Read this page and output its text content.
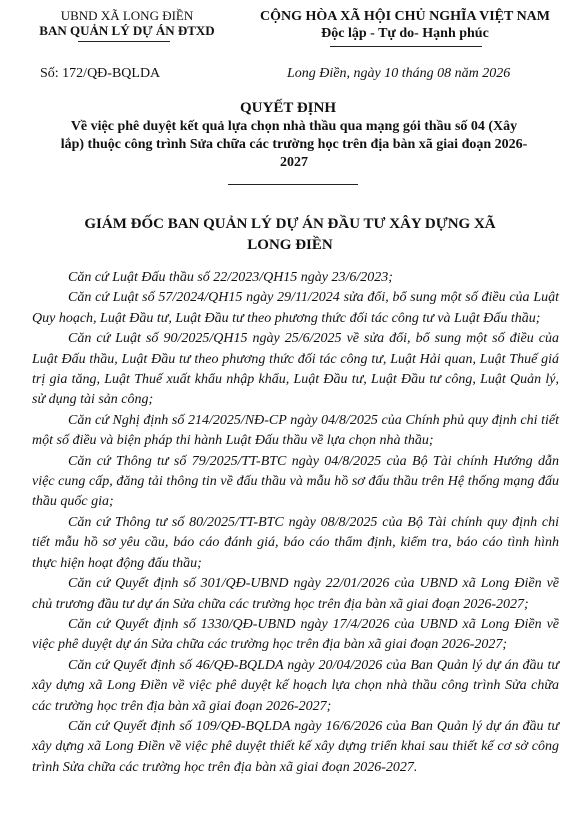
UBND XÃ LONG ĐIỀN
BAN QUẢN LÝ DỰ ÁN ĐTXD
CỘNG HÒA XÃ HỘI CHỦ NGHĨA VIỆT NAM
Độc lập - Tự do- Hạnh phúc
Số: 172/QĐ-BQLDA	Long Điền, ngày 10 tháng 08 năm 2026
QUYẾT ĐỊNH
Về việc phê duyệt kết quả lựa chọn nhà thầu qua mạng gói thầu số 04 (Xây lắp) thuộc công trình Sửa chữa các trường học trên địa bàn xã giai đoạn 2026-2027
GIÁM ĐỐC BAN QUẢN LÝ DỰ ÁN ĐẦU TƯ XÂY DỰNG XÃ LONG ĐIỀN

Căn cứ Luật Đấu thầu số 22/2023/QH15 ngày 23/6/2023;

Căn cứ Luật số 57/2024/QH15 ngày 29/11/2024 sửa đổi, bổ sung một số điều của Luật Quy hoạch, Luật Đầu tư, Luật Đầu tư theo phương thức đối tác công tư và Luật Đấu thầu;

Căn cứ Luật số 90/2025/QH15 ngày 25/6/2025 về sửa đổi, bổ sung một số điều của Luật Đấu thầu, Luật Đầu tư theo phương thức đối tác công tư, Luật Hải quan, Luật Thuế giá trị gia tăng, Luật Thuế xuất khẩu nhập khẩu, Luật Đầu tư, Luật Đầu tư công, Luật Quản lý, sử dụng tài sản công;

Căn cứ Nghị định số 214/2025/NĐ-CP ngày 04/8/2025 của Chính phủ quy định chi tiết một số điều và biện pháp thi hành Luật Đấu thầu về lựa chọn nhà thầu;

Căn cứ Thông tư số 79/2025/TT-BTC ngày 04/8/2025 của Bộ Tài chính Hướng dẫn việc cung cấp, đăng tải thông tin về đấu thầu và mẫu hồ sơ đấu thầu trên Hệ thống mạng đấu thầu quốc gia;

Căn cứ Thông tư số 80/2025/TT-BTC ngày 08/8/2025 của Bộ Tài chính quy định chi tiết mẫu hồ sơ yêu cầu, báo cáo đánh giá, báo cáo thẩm định, kiểm tra, báo cáo tình hình thực hiện hoạt động đấu thầu;

Căn cứ Quyết định số 301/QĐ-UBND ngày 22/01/2026 của UBND xã Long Điền về chủ trương đầu tư dự án Sửa chữa các trường học trên địa bàn xã giai đoạn 2026-2027;

Căn cứ Quyết định số 1330/QĐ-UBND ngày 17/4/2026 của UBND xã Long Điền về việc phê duyệt dự án Sửa chữa các trường học trên địa bàn xã giai đoạn 2026-2027;

Căn cứ Quyết định số 46/QĐ-BQLDA ngày 20/04/2026 của Ban Quản lý dự án đầu tư xây dựng xã Long Điền về việc phê duyệt kế hoạch lựa chọn nhà thầu công trình Sửa chữa các trường học trên địa bàn xã giai đoạn 2026-2027;

Căn cứ Quyết định số 109/QĐ-BQLDA ngày 16/6/2026 của Ban Quản lý dự án đầu tư xây dựng xã Long Điền về việc phê duyệt thiết kế xây dựng triển khai sau thiết kế cơ sở công trình Sửa chữa các trường học trên địa bàn xã giai đoạn 2026-2027.
